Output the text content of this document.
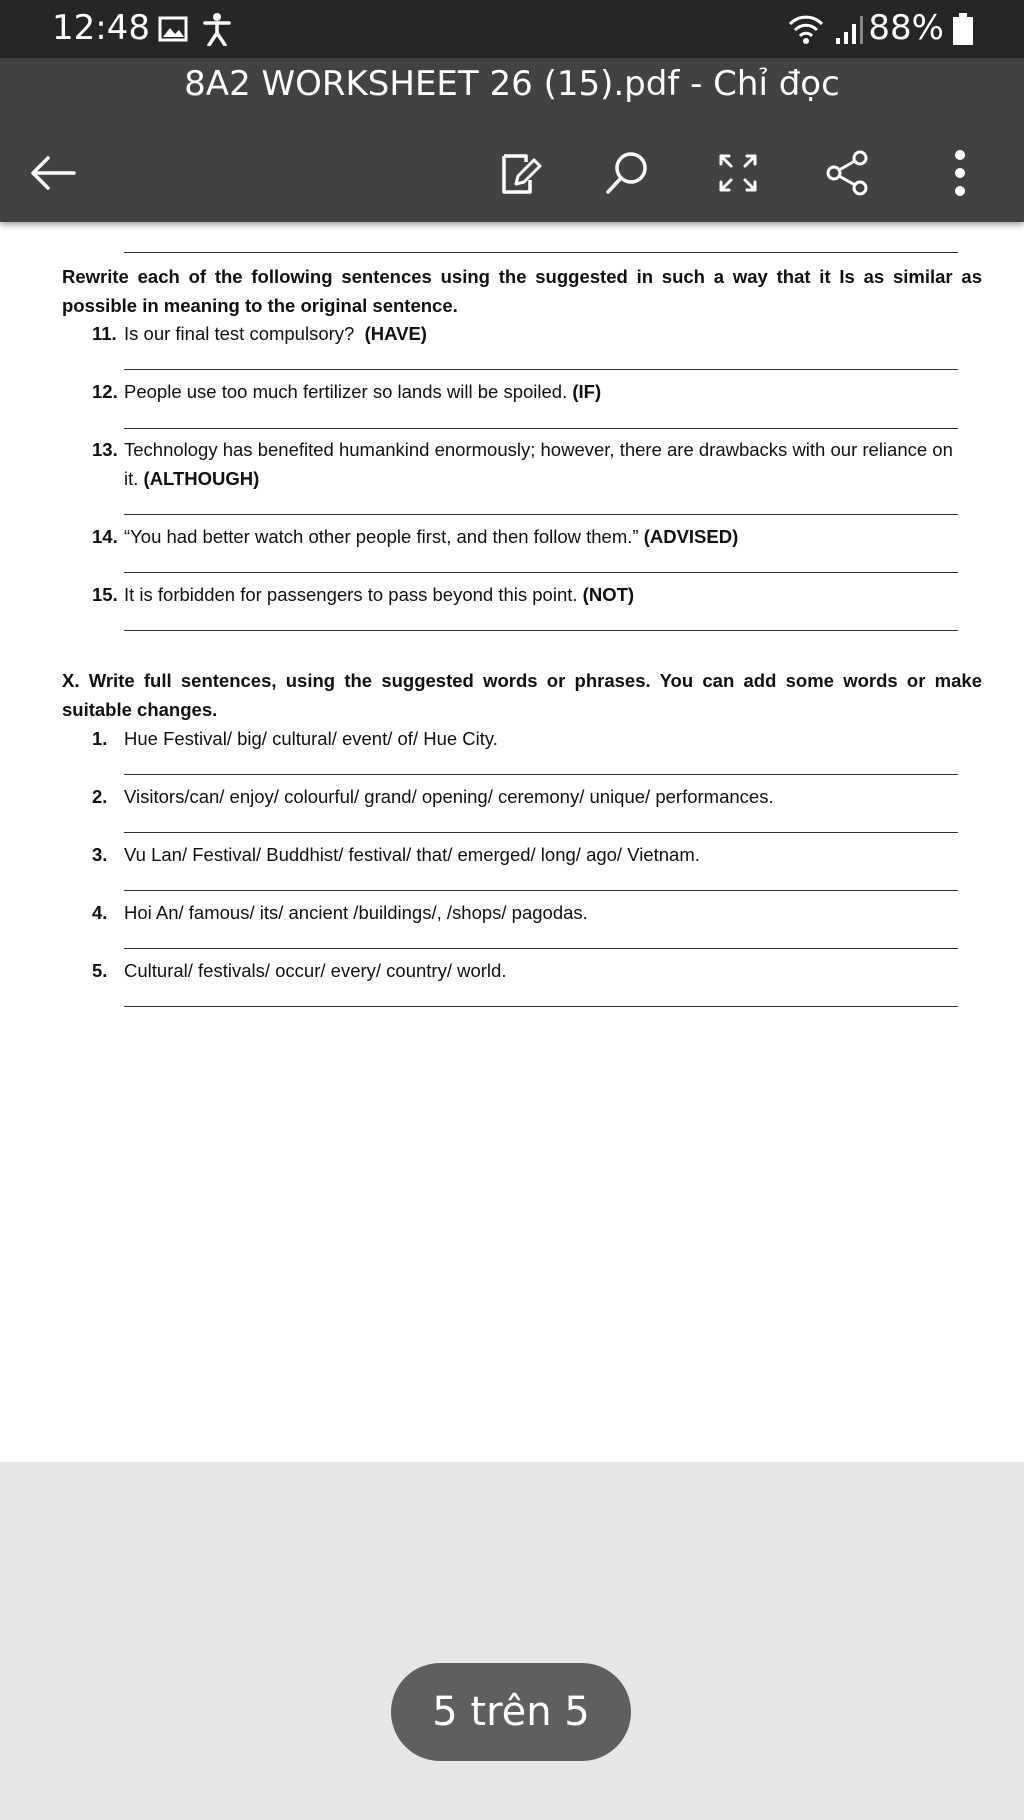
12:48	88%
8A2 WORKSHEET 26 (15).pdf - Chỉ đọc
Rewrite each of the following sentences using the suggested in such a way that it Is as similar as possible in meaning to the original sentence.
11. Is our final test compulsory? (HAVE)
12. People use too much fertilizer so lands will be spoiled. (IF)
13. Technology has benefited humankind enormously; however, there are drawbacks with our reliance on
it. (ALTHOUGH)
14. “You had better watch other people first, and then follow them.” (ADVISED)
15. It is forbidden for passengers to pass beyond this point. (NOT)
X. Write full sentences, using the suggested words or phrases. You can add some words or make suitable changes.
1. Hue Festival/ big/ cultural/ event/ of/ Hue City.
2. Visitors/can/ enjoy/ colourful/ grand/ opening/ ceremony/ unique/ performances.
3. Vu Lan/ Festival/ Buddhist/ festival/ that/ emerged/ long/ ago/ Vietnam.
4. Hoi An/ famous/ its/ ancient /buildings/, /shops/ pagodas.
5. Cultural/ festivals/ occur/ every/ country/ world.
5 trên 5
